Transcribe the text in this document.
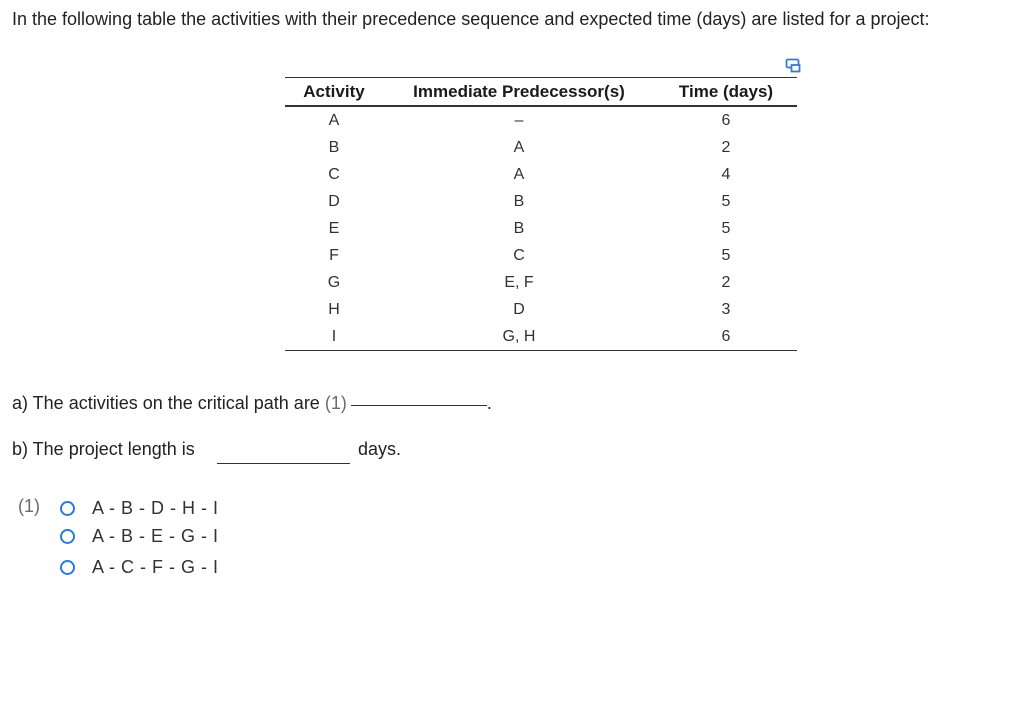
In the following table the activities with their precedence sequence and expected time (days) are listed for a project:
Activity	Immediate Predecessor(s)	Time (days)
A	–	6
B	A	2
C	A	4
D	B	5
E	B	5
F	C	5
G	E, F	2
H	D	3
I	G, H	6
a) The activities on the critical path are (1)	.
b) The project length is	days.
(1)	A - B - D - H - I
A - B - E - G - I
A - C - F - G - I
